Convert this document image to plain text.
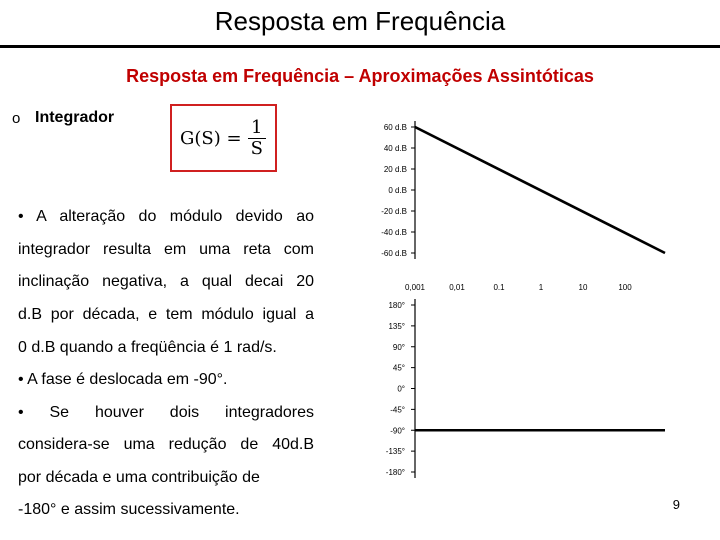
Resposta em Frequência
Resposta em Frequência – Aproximações Assintóticas
o Integrador
$G(S) = \frac{1}{S}$
• A alteração do módulo devido ao
integrador resulta em uma reta com
inclinação negativa, a qual decai 20
d.B por década, e tem módulo igual a
0 d.B quando a freqüência é 1 rad/s.
• A fase é deslocada em -90°.
• Se houver dois integradores
considera-se uma redução de 40d.B
por década e uma contribuição de
-180° e assim sucessivamente.
60 d.B
40 d.B
20 d.B
0 d.B
-20 d.B
-40 d.B
-60 d.B
0,001	0,01	0.1	1	10	100
180°
135°
90°
45°
0°
-45°
-90°
-135°
-180°
9
